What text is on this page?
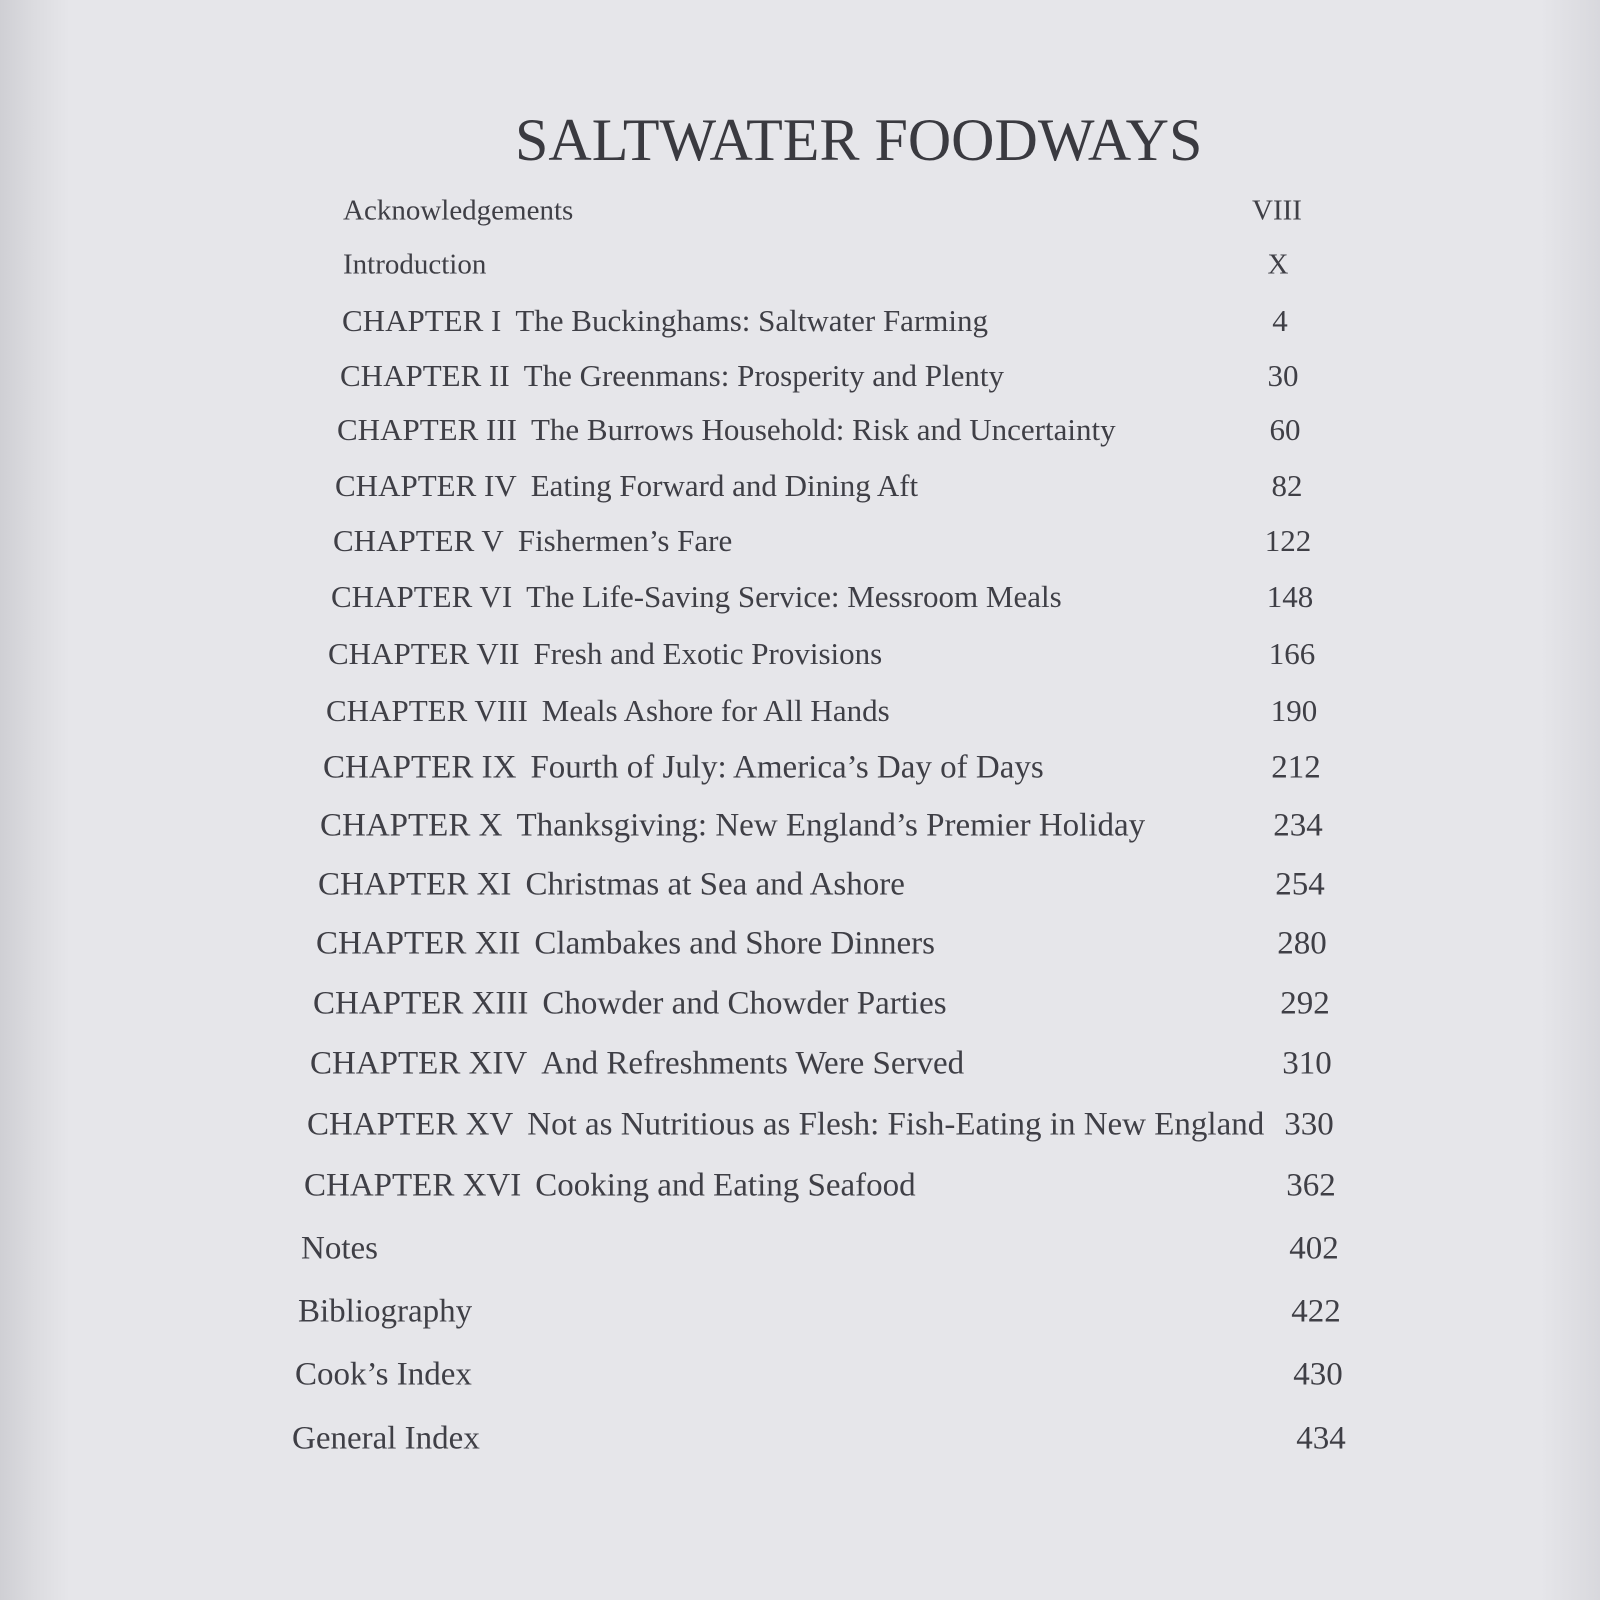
SALTWATER FOODWAYS
Acknowledgements	VIII
Introduction	X
CHAPTER I The Buckinghams: Saltwater Farming	4
CHAPTER II The Greenmans: Prosperity and Plenty	30
CHAPTER III The Burrows Household: Risk and Uncertainty	60
CHAPTER IV Eating Forward and Dining Aft	82
CHAPTER V Fishermen’s Fare	122
CHAPTER VI The Life-Saving Service: Messroom Meals	148
CHAPTER VII Fresh and Exotic Provisions	166
CHAPTER VIII Meals Ashore for All Hands	190
CHAPTER IX Fourth of July: America’s Day of Days	212
CHAPTER X Thanksgiving: New England’s Premier Holiday	234
CHAPTER XI Christmas at Sea and Ashore	254
CHAPTER XII Clambakes and Shore Dinners	280
CHAPTER XIII Chowder and Chowder Parties	292
CHAPTER XIV And Refreshments Were Served	310
CHAPTER XV Not as Nutritious as Flesh: Fish-Eating in New England 330
CHAPTER XVI Cooking and Eating Seafood	362
Notes	402
Bibliography	422
Cook’s Index	430
General Index	434
